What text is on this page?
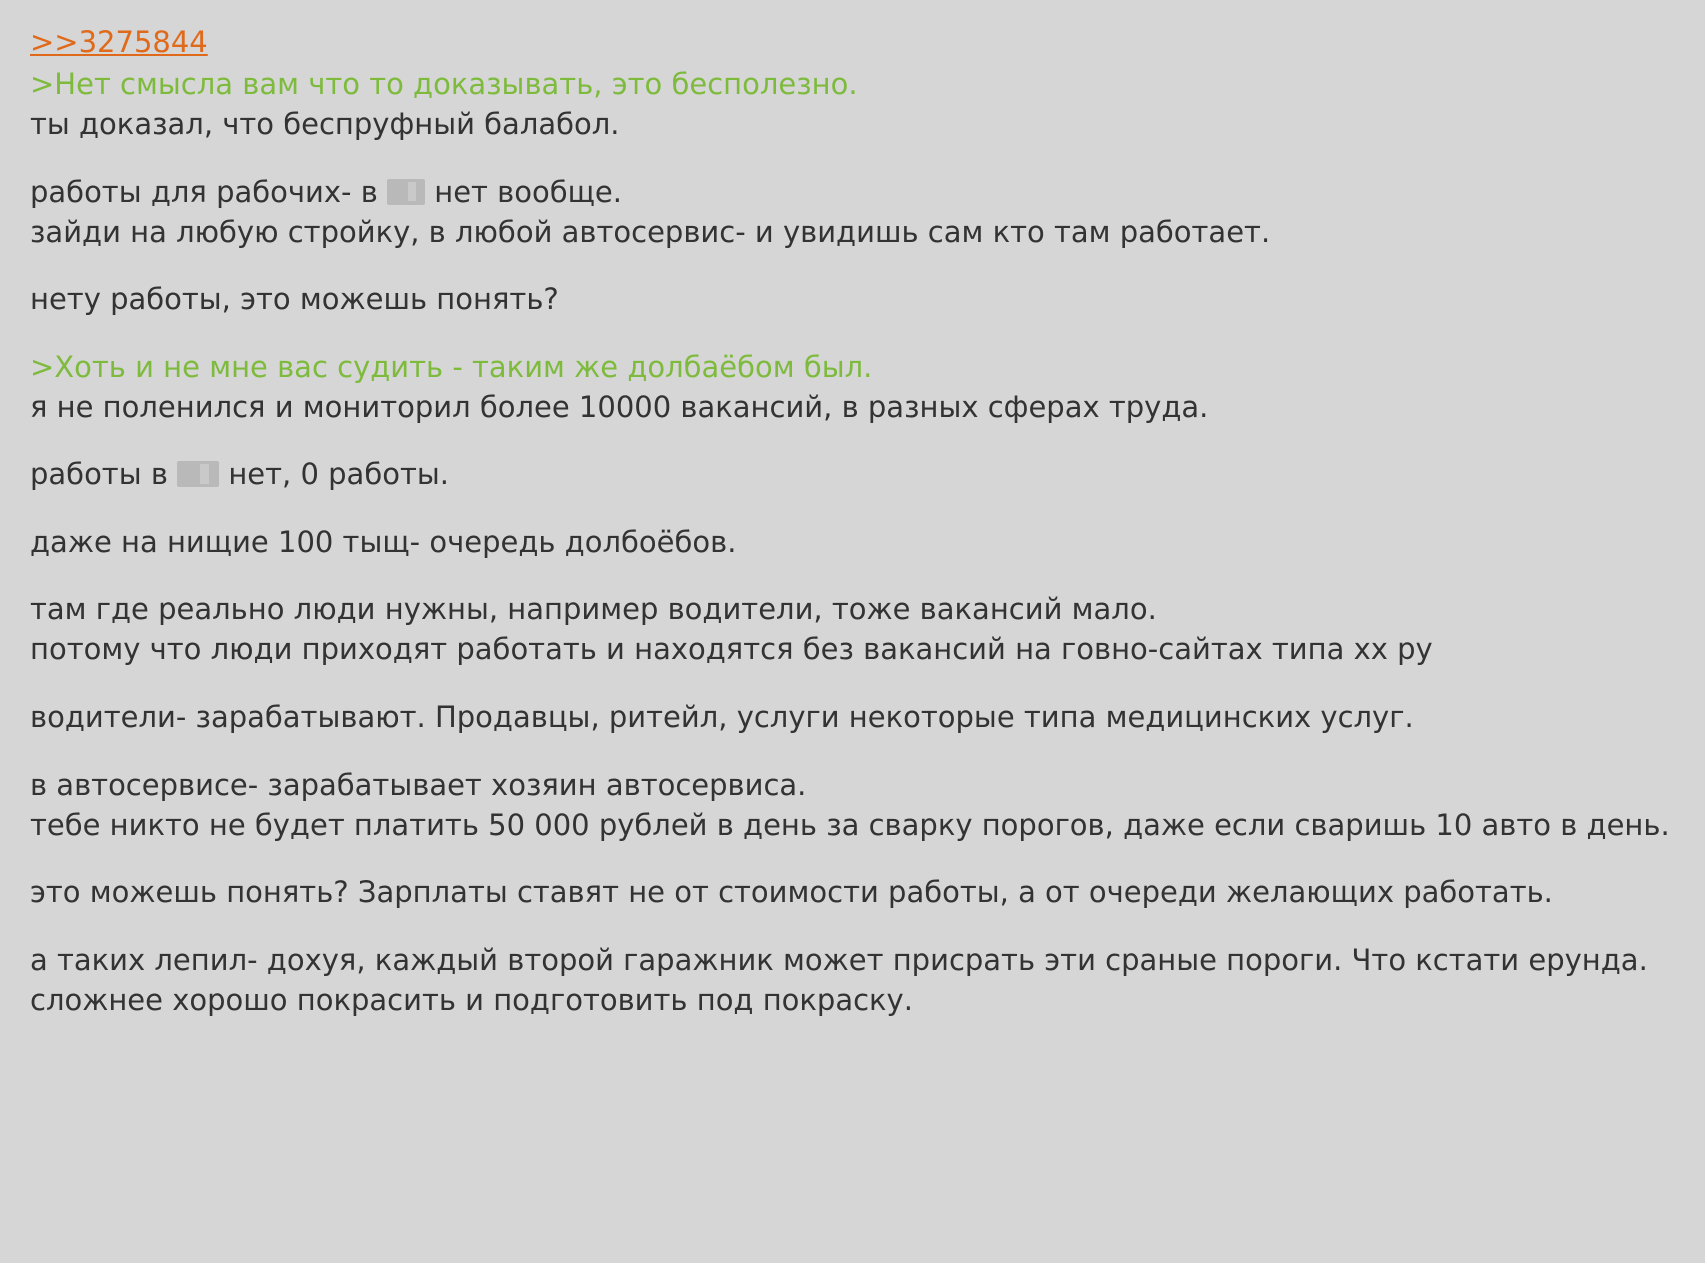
>>3275844
>Нет смысла вам что то доказывать, это бесполезно.
ты доказал, что беспруфный балабол.
работы для рабочих- в  нет вообще.
зайди на любую стройку, в любой автосервис- и увидишь сам кто там работает.
нету работы, это можешь понять?
>Хоть и не мне вас судить - таким же долбаёбом был.
я не поленился и мониторил более 10000 вакансий, в разных сферах труда.
работы в  нет, 0 работы.
даже на нищие 100 тыщ- очередь долбоёбов.
там где реально люди нужны, например водители, тоже вакансий мало.
потому что люди приходят работать и находятся без вакансий на говно-сайтах типа хх ру
водители- зарабатывают. Продавцы, ритейл, услуги некоторые типа медицинских услуг.
в автосервисе- зарабатывает хозяин автосервиса.
тебе никто не будет платить 50 000 рублей в день за сварку порогов, даже если сваришь 10 авто в день.
это можешь понять? Зарплаты ставят не от стоимости работы, а от очереди желающих работать.
а таких лепил- дохуя, каждый второй гаражник может присрать эти сраные пороги. Что кстати ерунда.
сложнее хорошо покрасить и подготовить под покраску.
